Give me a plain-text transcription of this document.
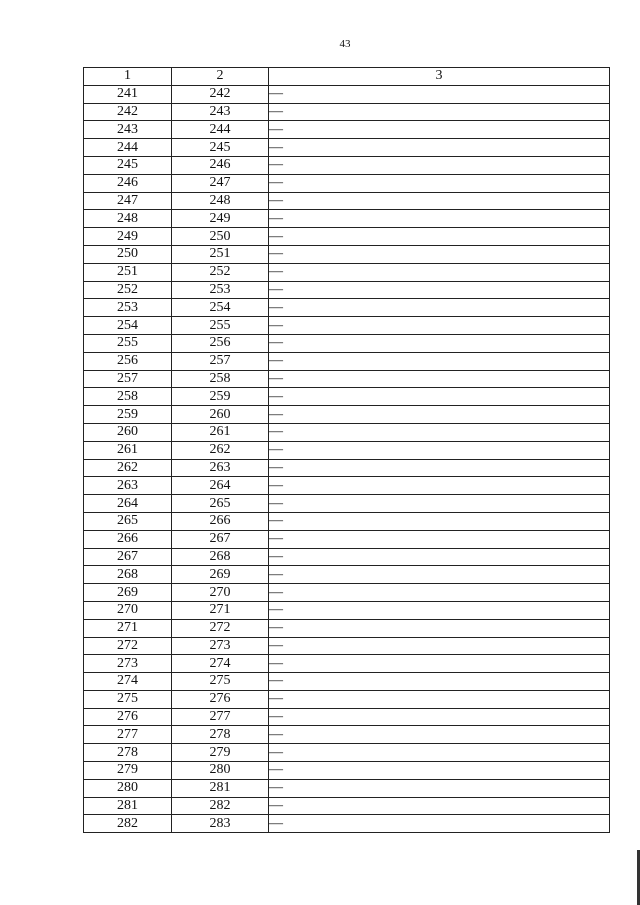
43
1	2	3
241	242	—
242	243	—
243	244	—
244	245	—
245	246	—
246	247	—
247	248	—
248	249	—
249	250	—
250	251	—
251	252	—
252	253	—
253	254	—
254	255	—
255	256	—
256	257	—
257	258	—
258	259	—
259	260	—
260	261	—
261	262	—
262	263	—
263	264	—
264	265	—
265	266	—
266	267	—
267	268	—
268	269	—
269	270	—
270	271	—
271	272	—
272	273	—
273	274	—
274	275	—
275	276	—
276	277	—
277	278	—
278	279	—
279	280	—
280	281	—
281	282	—
282	283	—
